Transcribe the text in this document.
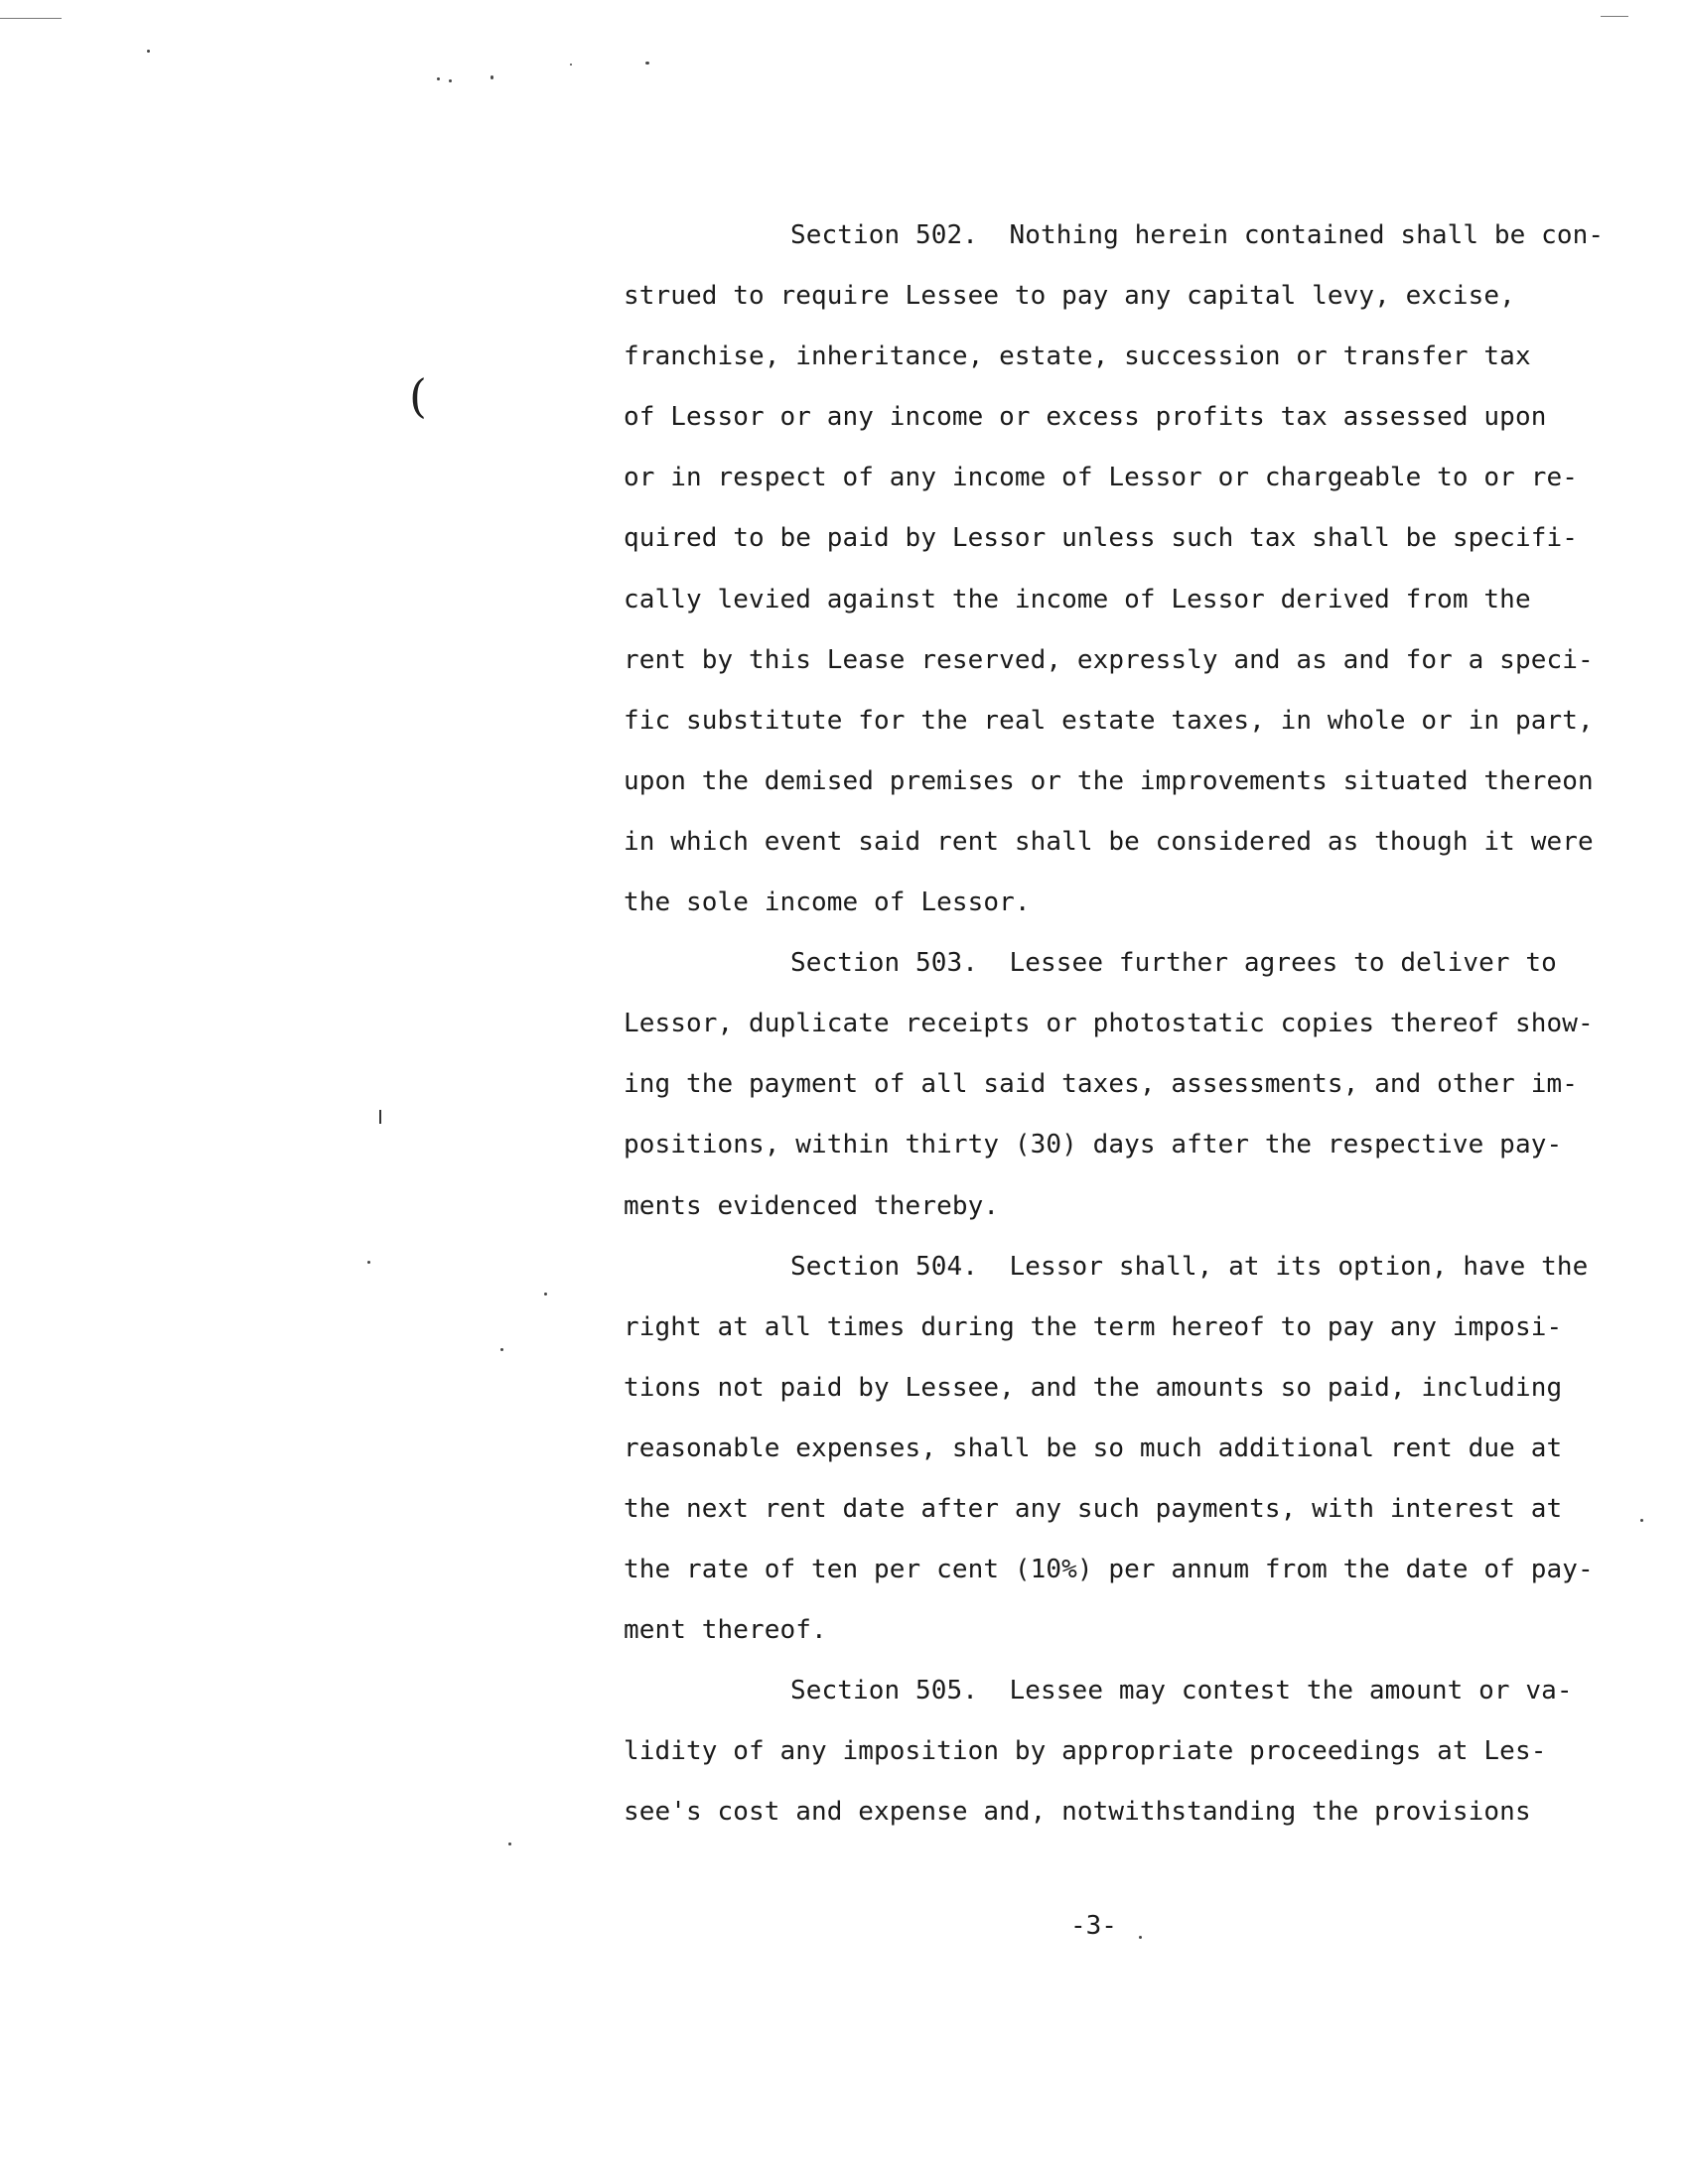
(
Section 502.  Nothing herein contained shall be con-
strued to require Lessee to pay any capital levy, excise,
franchise, inheritance, estate, succession or transfer tax
of Lessor or any income or excess profits tax assessed upon
or in respect of any income of Lessor or chargeable to or re-
quired to be paid by Lessor unless such tax shall be specifi-
cally levied against the income of Lessor derived from the
rent by this Lease reserved, expressly and as and for a speci-
fic substitute for the real estate taxes, in whole or in part,
upon the demised premises or the improvements situated thereon
in which event said rent shall be considered as though it were
the sole income of Lessor.
Section 503.  Lessee further agrees to deliver to
Lessor, duplicate receipts or photostatic copies thereof show-
ing the payment of all said taxes, assessments, and other im-
positions, within thirty (30) days after the respective pay-
ments evidenced thereby.
Section 504.  Lessor shall, at its option, have the
right at all times during the term hereof to pay any imposi-
tions not paid by Lessee, and the amounts so paid, including
reasonable expenses, shall be so much additional rent due at
the next rent date after any such payments, with interest at
the rate of ten per cent (10%) per annum from the date of pay-
ment thereof.
Section 505.  Lessee may contest the amount or va-
lidity of any imposition by appropriate proceedings at Les-
see's cost and expense and, notwithstanding the provisions
-3-
